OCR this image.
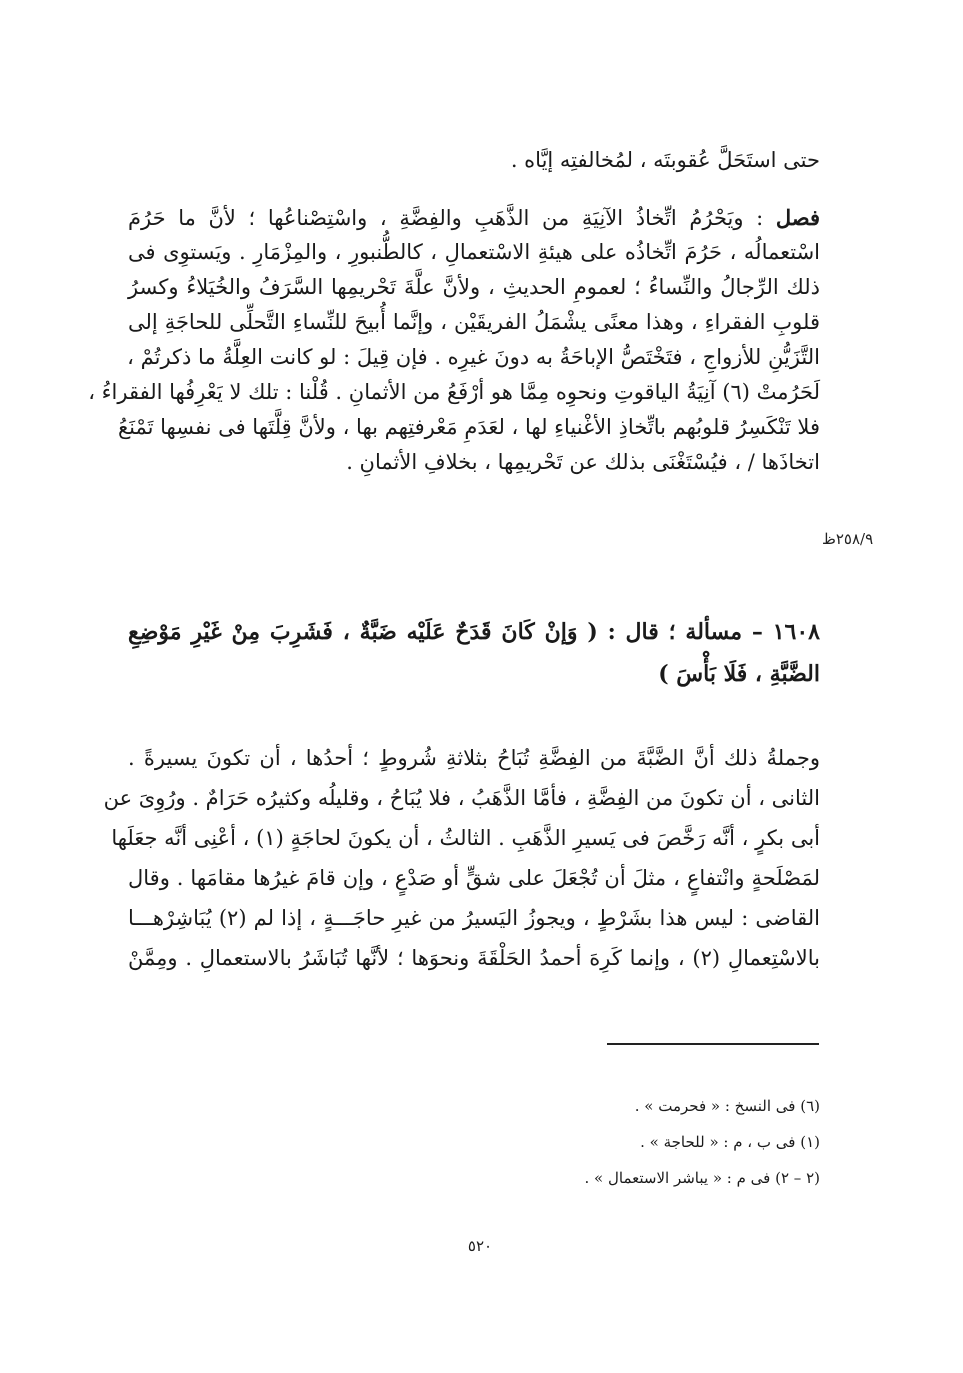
حتى استَحَلَّ عُقوبتَه ، لمُخالفتِه إيَّاه .
فصل : ويَحْرُمُ اتِّخاذُ الآنِيَةِ من الذَّهَبِ والفِضَّةِ ، واسْتِصْناعُها ؛ لأنَّ ما حَرُمَ
اسْتعمالُه ، حَرُمَ اتِّخاذُه على هيئةِ الاسْتعمالِ ، كالطُّنبورِ ، والمِزْمَارِ . ويَستوِى فى
ذلك الرِّجالُ والنِّساءُ ؛ لعمومِ الحديثِ ، ولأنَّ علَّةَ تَحْريمِها السَّرَفُ والخُيَلاءُ وكسرُ
قلوبِ الفقراءِ ، وهذا معنًى يشْمَلُ الفريقَيْن ، وإنَّما أُبيحَ للنِّساءِ التَّحلِّى للحاجَةِ إلى
التَّزَيُّنِ للأزواجِ ، فتَخْتَصُّ الإباحَةُ به دونَ غيرِه . فإن قِيلَ : لو كانت العِلَّةُ ما ذكرتُمْ ،
لَحَرُمتْ (٦) آنِيَةُ الياقوتِ ونحوِه مِمَّا هو أرْفَعُ من الأثمانِ . قُلْنا : تلك لا يَعْرِفُها الفقراءُ ،
فلا تَنْكَسِرُ قلوبُهم باتِّخاذِ الأغْنياءِ لها ، لعَدَمِ مَعْرفتِهم بها ، ولأنَّ قِلَّتَها فى نفسِها تَمْنَعُ
اتخاذَها / ، فيُسْتَغْنَى بذلك عن تَحْريمِها ، بخلافِ الأثمانِ .
٢٥٨/٩ظ
١٦٠٨ – مسألة ؛ قال : ( وَإنْ كَانَ قَدَحٌ عَلَيْه ضَبَّةٌ ، فَشَرِبَ مِنْ غَيْرِ مَوْضِعِ
الضَّبَّةِ ، فَلَا بَأْسَ )
وجملةُ ذلك أنَّ الضَّبَّةَ من الفِضَّةِ تُبَاحُ بثلاثةِ شُروطٍ ؛ أحدُها ، أن تكونَ يسيرةً .
الثانى ، أن تكونَ من الفِضَّةِ ، فأمَّا الذَّهَبُ ، فلا يُبَاحُ ، وقليلُه وكثيرُه حَرَامٌ . ورُوِىَ عن
أبى بكرٍ ، أنَّه رَخَّصَ فى يَسيرِ الذَّهَبِ . الثالثُ ، أن يكونَ لحاجَةٍ (١) ، أعْنِى أنَّه جعَلَها
لمَصْلَحةٍ وانْتفاعٍ ، مثلَ أن تُجْعَلَ على شقٍّ أو صَدْعٍ ، وإن قامَ غيرُها مقامَها . وقال
القاضى : ليس هذا بشَرْطٍ ، ويجوزُ اليَسيرُ من غيرِ حاجَـــةٍ ، إذا لم (٢) يُبَاشِرْهـــا
بالاسْتِعمالِ (٢) ، وإنما كَرِهَ أحمدُ الحَلْقَةَ ونحوَها ؛ لأنَّها تُبَاشَرُ بالاستعمالِ . ومِمَّنْ
(٦) فى النسخ : « فحرمت » .
(١) فى ب ، م : « للحاجة » .
(٢ – ٢) فى م : « يباشر الاستعمال » .
٥٢٠
